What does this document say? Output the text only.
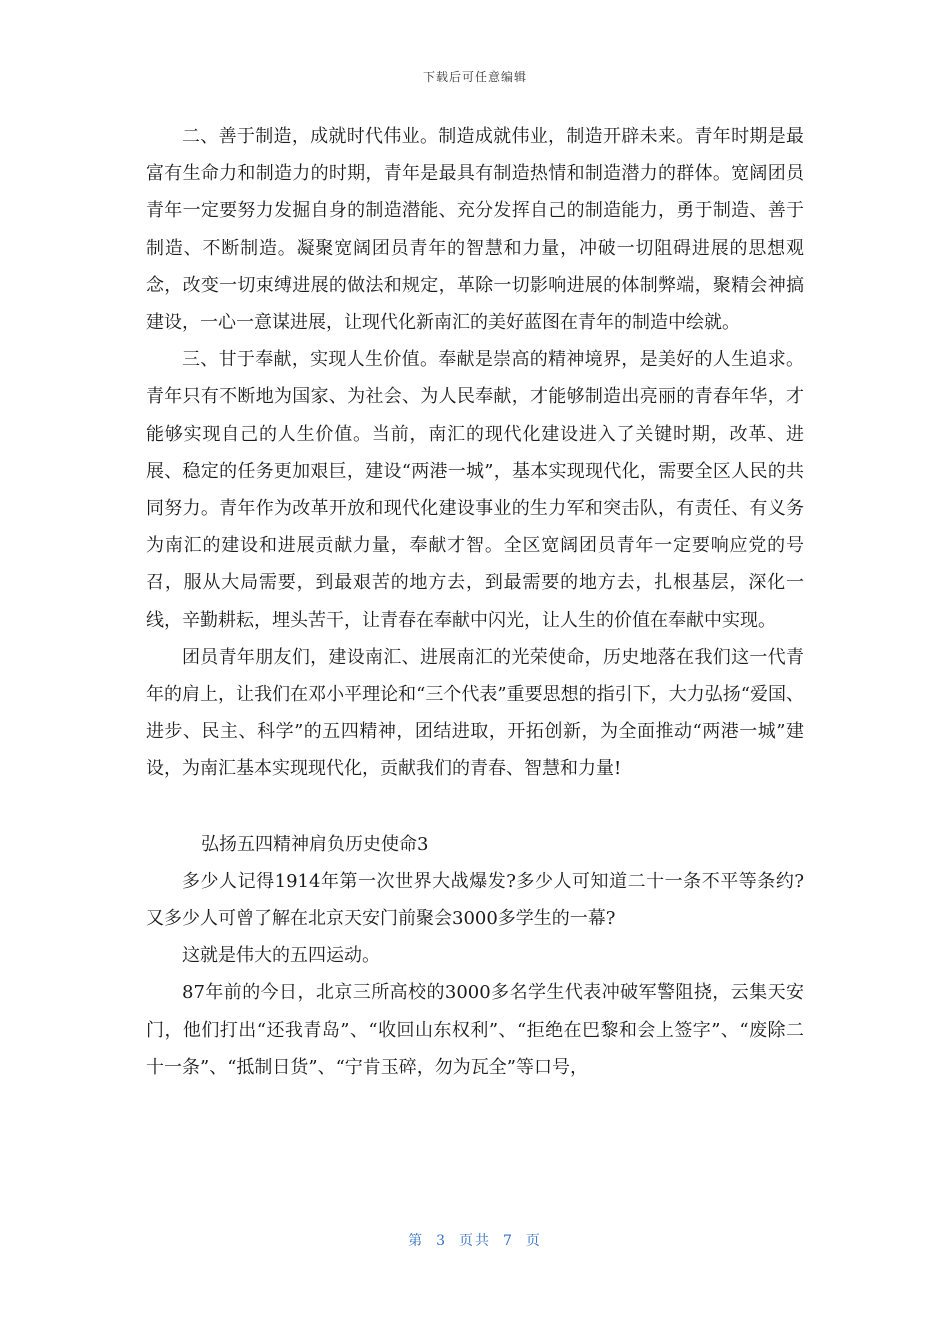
下载后可任意编辑

二、善于制造，成就时代伟业。制造成就伟业，制造开辟未来。青年时期是最富有生命力和制造力的时期，青年是最具有制造热情和制造潜力的群体。宽阔团员青年一定要努力发掘自身的制造潜能、充分发挥自己的制造能力，勇于制造、善于制造、不断制造。凝聚宽阔团员青年的智慧和力量，冲破一切阻碍进展的思想观念，改变一切束缚进展的做法和规定，革除一切影响进展的体制弊端，聚精会神搞建设，一心一意谋进展，让现代化新南汇的美好蓝图在青年的制造中绘就。

三、甘于奉献，实现人生价值。奉献是崇高的精神境界，是美好的人生追求。青年只有不断地为国家、为社会、为人民奉献，才能够制造出亮丽的青春年华，才能够实现自己的人生价值。当前，南汇的现代化建设进入了关键时期，改革、进展、稳定的任务更加艰巨，建设“两港一城”，基本实现现代化，需要全区人民的共同努力。青年作为改革开放和现代化建设事业的生力军和突击队，有责任、有义务为南汇的建设和进展贡献力量，奉献才智。全区宽阔团员青年一定要响应党的号召，服从大局需要，到最艰苦的地方去，到最需要的地方去，扎根基层，深化一线，辛勤耕耘，埋头苦干，让青春在奉献中闪光，让人生的价值在奉献中实现。

团员青年朋友们，建设南汇、进展南汇的光荣使命，历史地落在我们这一代青年的肩上，让我们在邓小平理论和“三个代表”重要思想的指引下，大力弘扬“爱国、进步、民主、科学”的五四精神，团结进取，开拓创新，为全面推动“两港一城”建设，为南汇基本实现现代化，贡献我们的青春、智慧和力量!

弘扬五四精神肩负历史使命3

多少人记得1914年第一次世界大战爆发?多少人可知道二十一条不平等条约?又多少人可曾了解在北京天安门前聚会3000多学生的一幕?

这就是伟大的五四运动。

87年前的今日，北京三所高校的3000多名学生代表冲破军警阻挠，云集天安门，他们打出“还我青岛”、“收回山东权利”、“拒绝在巴黎和会上签字”、“废除二十一条”、“抵制日货”、“宁肯玉碎，勿为瓦全”等口号，

第 3 页共 7 页
